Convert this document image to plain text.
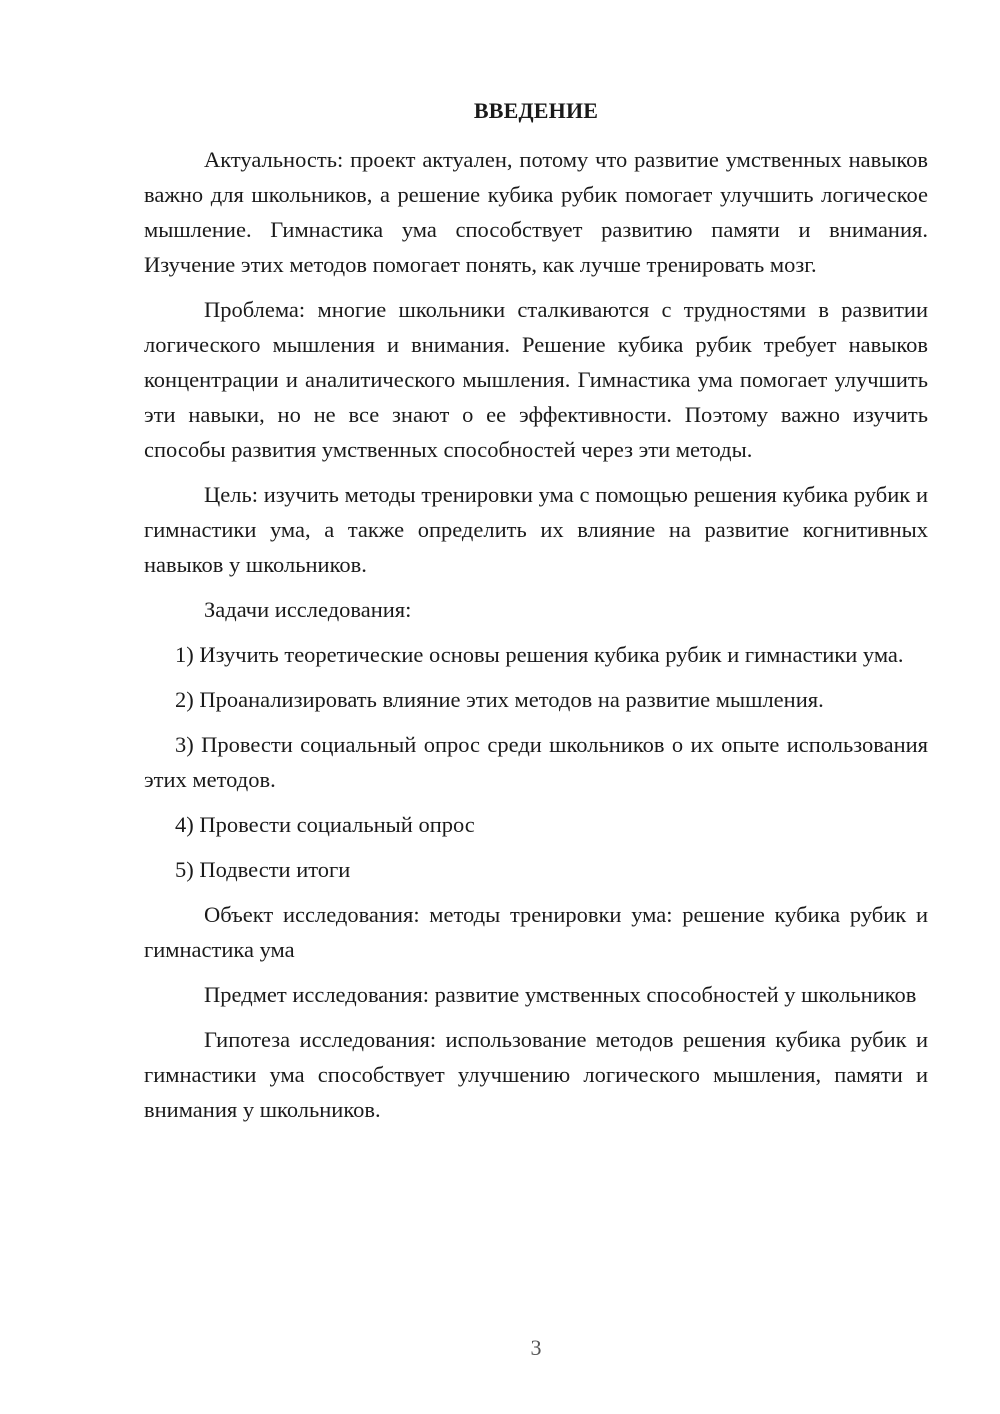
ВВЕДЕНИЕ

Актуальность: проект актуален, потому что развитие умственных навыков важно для школьников, а решение кубика рубик помогает улучшить логическое мышление. Гимнастика ума способствует развитию памяти и внимания. Изучение этих методов помогает понять, как лучше тренировать мозг.

Проблема: многие школьники сталкиваются с трудностями в развитии логического мышления и внимания. Решение кубика рубик требует навыков концентрации и аналитического мышления. Гимнастика ума помогает улучшить эти навыки, но не все знают о ее эффективности. Поэтому важно изучить способы развития умственных способностей через эти методы.

Цель: изучить методы тренировки ума с помощью решения кубика рубик и гимнастики ума, а также определить их влияние на развитие когнитивных навыков у школьников.

Задачи исследования:

1) Изучить теоретические основы решения кубика рубик и гимнастики ума.

2) Проанализировать влияние этих методов на развитие мышления.

3) Провести социальный опрос среди школьников о их опыте использования этих методов.

4) Провести социальный опрос

5) Подвести итоги

Объект исследования: методы тренировки ума: решение кубика рубик и гимнастика ума

Предмет исследования: развитие умственных способностей у школьников

Гипотеза исследования: использование методов решения кубика рубик и гимнастики ума способствует улучшению логического мышления, памяти и внимания у школьников.

3
